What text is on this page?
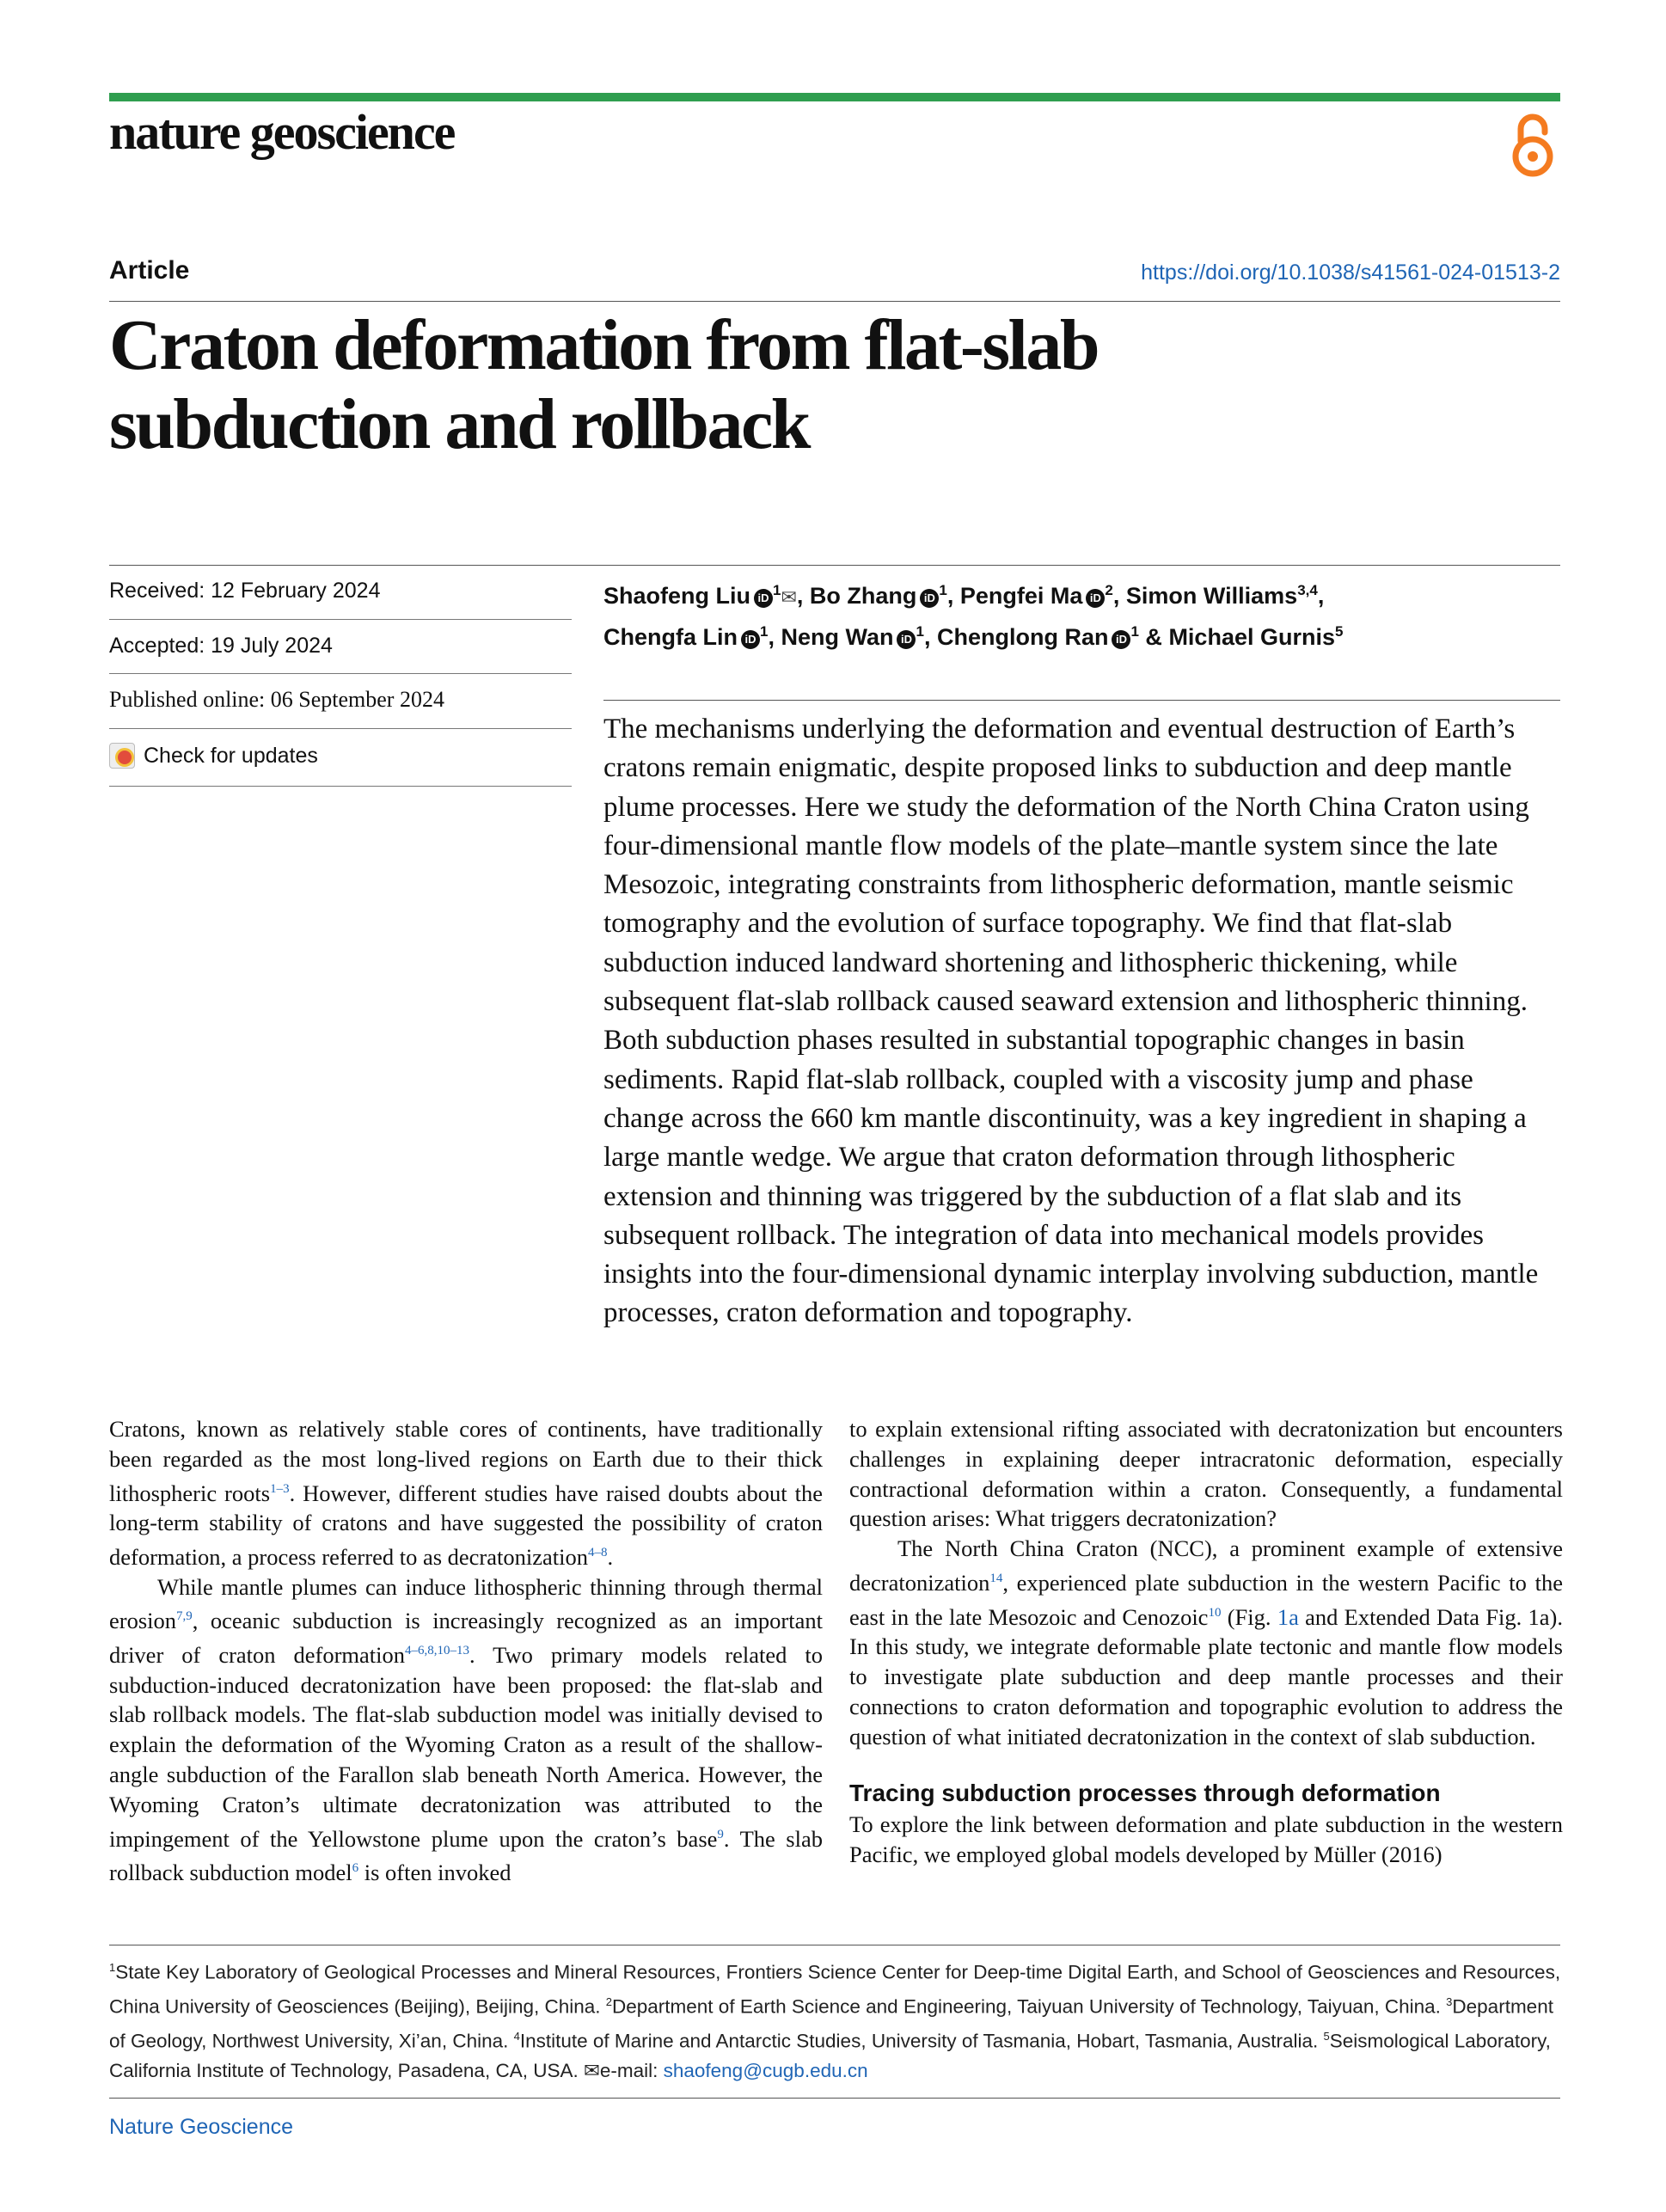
nature geoscience
Article	https://doi.org/10.1038/s41561-024-01513-2
Craton deformation from flat-slab subduction and rollback
Received: 12 February 2024
Accepted: 19 July 2024
Published online: 06 September 2024
Check for updates
Shaofeng Liu iD $^1$✉, Bo Zhang iD $^1$, Pengfei Ma iD $^2$, Simon Williams$^{3,4}$,
Chengfa Lin iD $^1$, Neng Wan iD $^1$, Chenglong Ran iD $^1$ & Michael Gurnis$^5$

The mechanisms underlying the deformation and eventual destruction of Earth’s cratons remain enigmatic, despite proposed links to subduction and deep mantle plume processes. Here we study the deformation of the North China Craton using four-dimensional mantle flow models of the plate–mantle system since the late Mesozoic, integrating constraints from lithospheric deformation, mantle seismic tomography and the evolution of surface topography. We find that flat-slab subduction induced landward shortening and lithospheric thickening, while subsequent flat-slab rollback caused seaward extension and lithospheric thinning. Both subduction phases resulted in substantial topographic changes in basin sediments. Rapid flat-slab rollback, coupled with a viscosity jump and phase change across the 660 km mantle discontinuity, was a key ingredient in shaping a large mantle wedge. We argue that craton deformation through lithospheric extension and thinning was triggered by the subduction of a flat slab and its subsequent rollback. The integration of data into mechanical models provides insights into the four-dimensional dynamic interplay involving subduction, mantle processes, craton deformation and topography.

Cratons, known as relatively stable cores of continents, have traditionally been regarded as the most long-lived regions on Earth due to their thick lithospheric roots$^{1-3}$. However, different studies have raised doubts about the long-term stability of cratons and have suggested the possibility of craton deformation, a process referred to as decratonization$^{4-8}$.

While mantle plumes can induce lithospheric thinning through thermal erosion$^{7,9}$, oceanic subduction is increasingly recognized as an important driver of craton deformation$^{4-6,8,10-13}$. Two primary models related to subduction-induced decratonization have been proposed: the flat-slab and slab rollback models. The flat-slab subduction model was initially devised to explain the deformation of the Wyoming Craton as a result of the shallow-angle subduction of the Farallon slab beneath North America. However, the Wyoming Craton’s ultimate decratonization was attributed to the impingement of the Yellowstone plume upon the craton’s base$^9$. The slab rollback subduction model$^6$ is often invoked

to explain extensional rifting associated with decratonization but encounters challenges in explaining deeper intracratonic deformation, especially contractional deformation within a craton. Consequently, a fundamental question arises: What triggers decratonization?

The North China Craton (NCC), a prominent example of extensive decratonization$^{14}$, experienced plate subduction in the western Pacific to the east in the late Mesozoic and Cenozoic$^{10}$ (Fig. 1a and Extended Data Fig. 1a). In this study, we integrate deformable plate tectonic and mantle flow models to investigate plate subduction and deep mantle processes and their connections to craton deformation and topographic evolution to address the question of what initiated decratonization in the context of slab subduction.

Tracing subduction processes through deformation

To explore the link between deformation and plate subduction in the western Pacific, we employed global models developed by Müller (2016)

$^1$State Key Laboratory of Geological Processes and Mineral Resources, Frontiers Science Center for Deep-time Digital Earth, and School of Geosciences and Resources, China University of Geosciences (Beijing), Beijing, China. $^2$Department of Earth Science and Engineering, Taiyuan University of Technology, Taiyuan, China. $^3$Department of Geology, Northwest University, Xi’an, China. $^4$Institute of Marine and Antarctic Studies, University of Tasmania, Hobart, Tasmania, Australia. $^5$Seismological Laboratory, California Institute of Technology, Pasadena, CA, USA. ✉e-mail: shaofeng@cugb.edu.cn
Nature Geoscience
